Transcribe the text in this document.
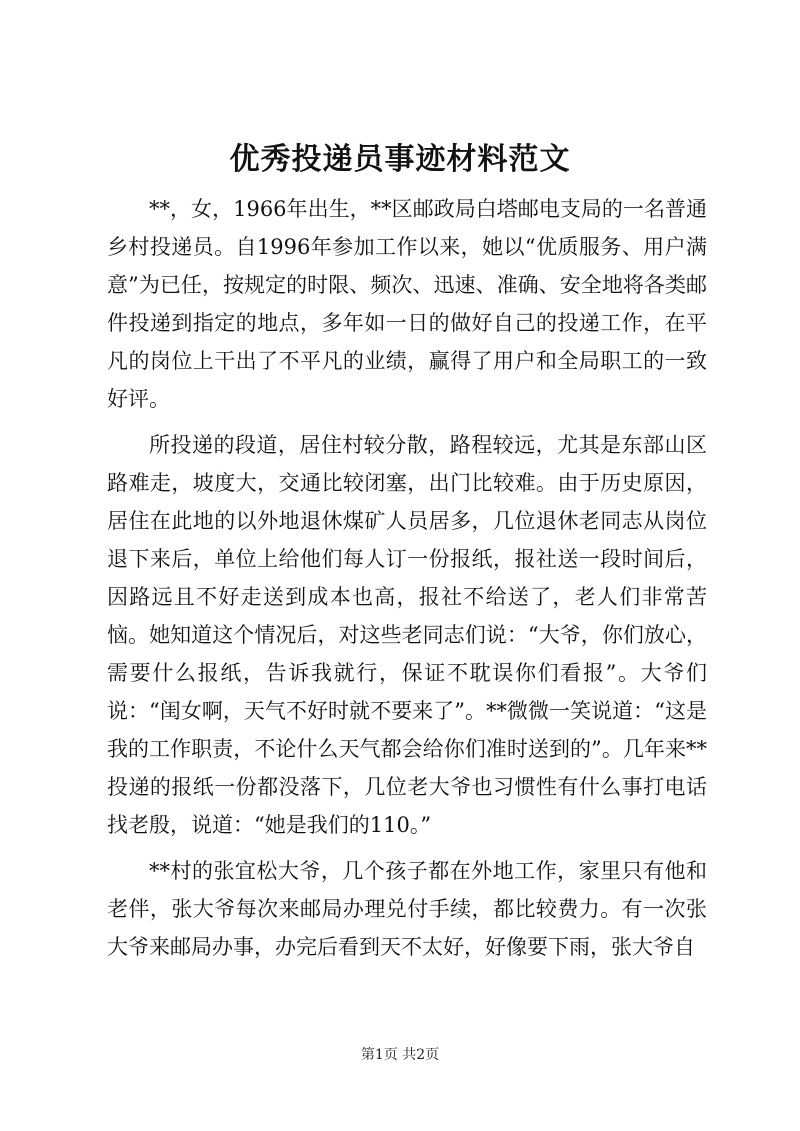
优秀投递员事迹材料范文

**，女，1966年出生，**区邮政局白塔邮电支局的一名普通乡村投递员。自1996年参加工作以来，她以“优质服务、用户满意”为已任，按规定的时限、频次、迅速、准确、安全地将各类邮件投递到指定的地点，多年如一日的做好自己的投递工作，在平凡的岗位上干出了不平凡的业绩，赢得了用户和全局职工的一致好评。

所投递的段道，居住村较分散，路程较远，尤其是东部山区路难走，坡度大，交通比较闭塞，出门比较难。由于历史原因，居住在此地的以外地退休煤矿人员居多，几位退休老同志从岗位退下来后，单位上给他们每人订一份报纸，报社送一段时间后，因路远且不好走送到成本也高，报社不给送了，老人们非常苦恼。她知道这个情况后，对这些老同志们说：“大爷，你们放心，需要什么报纸，告诉我就行，保证不耽误你们看报”。大爷们说：“闺女啊，天气不好时就不要来了”。**微微一笑说道：“这是我的工作职责，不论什么天气都会给你们准时送到的”。几年来**投递的报纸一份都没落下，几位老大爷也习惯性有什么事打电话找老殷，说道：“她是我们的110。”

**村的张宜松大爷，几个孩子都在外地工作，家里只有他和老伴，张大爷每次来邮局办理兑付手续，都比较费力。有一次张大爷来邮局办事，办完后看到天不太好，好像要下雨，张大爷自

第1页 共2页
